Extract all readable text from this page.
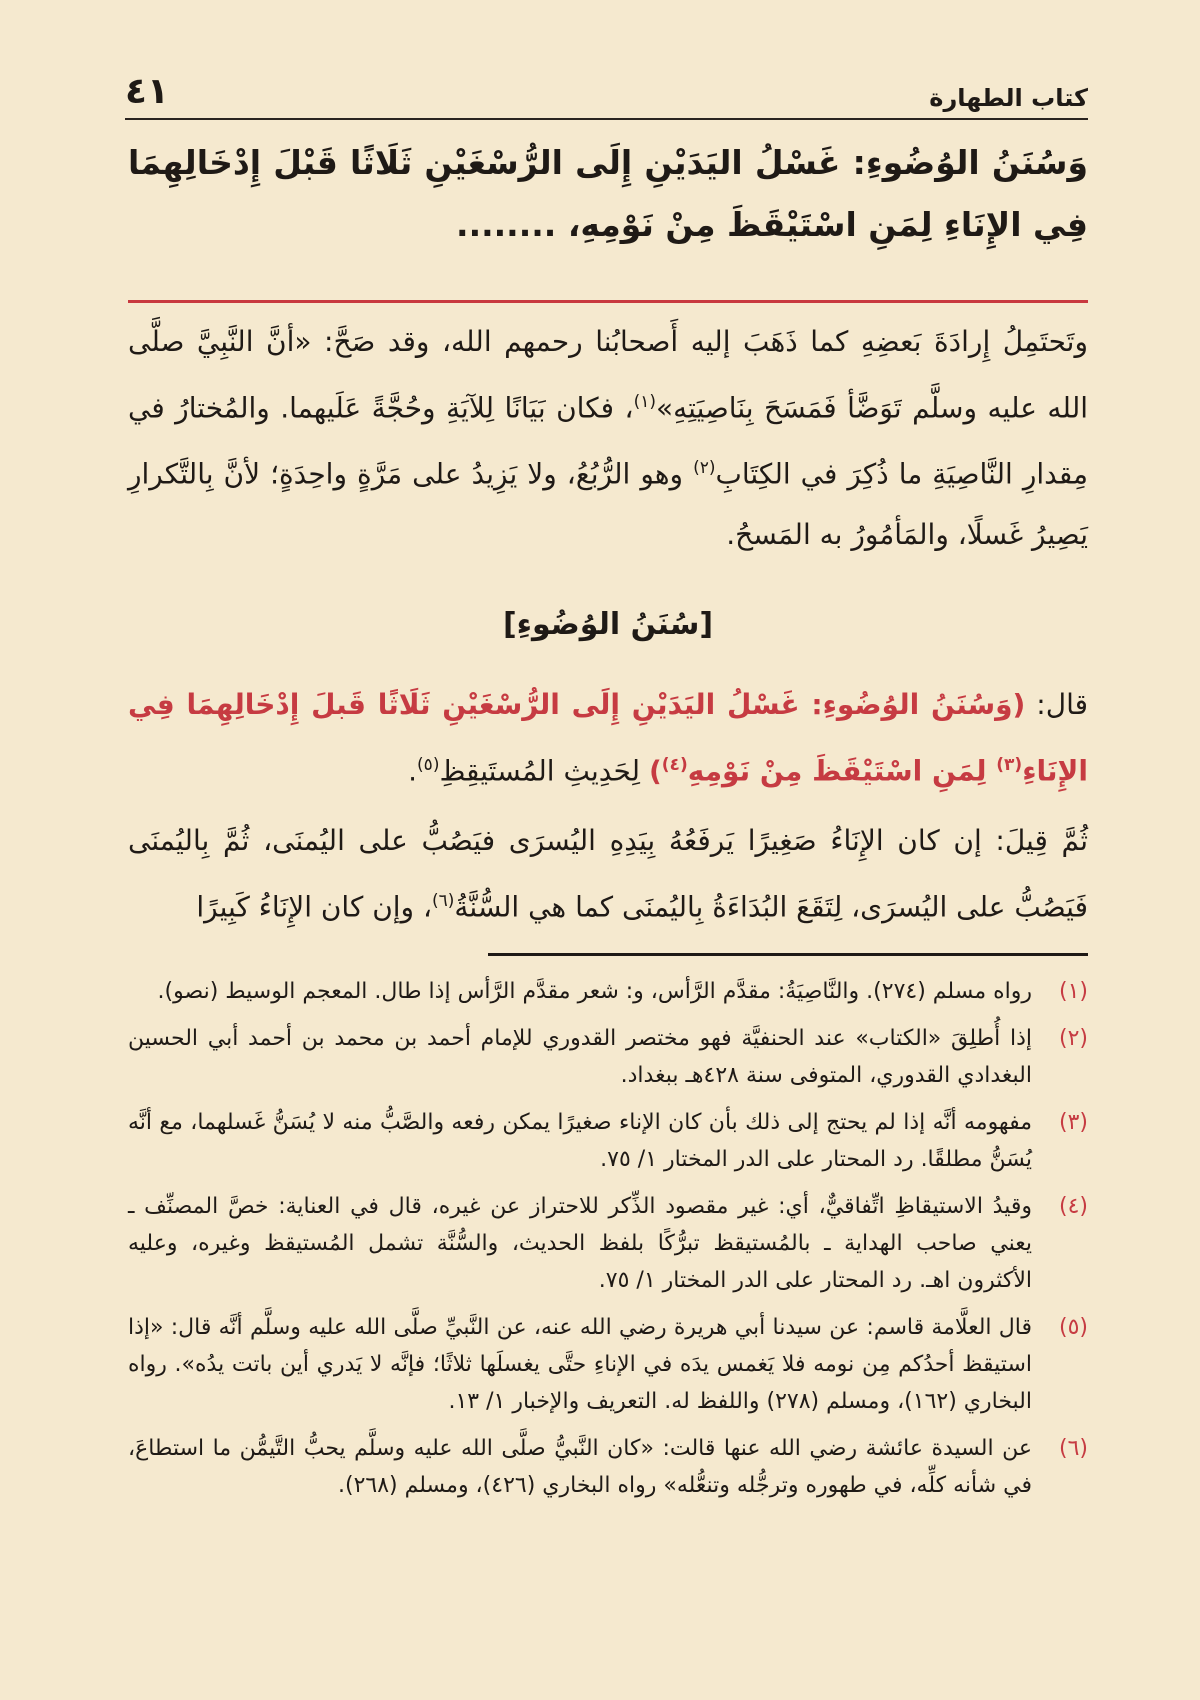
كتاب الطهارة
٤١
وَسُنَنُ الوُضُوءِ: غَسْلُ اليَدَيْنِ إِلَى الرُّسْغَيْنِ ثَلَاثًا قَبْلَ إِدْخَالِهِمَا فِي الإِنَاءِ لِمَنِ اسْتَيْقَظَ مِنْ نَوْمِهِ، ........

وتَحتَمِلُ إِرادَةَ بَعضِهِ كما ذَهَبَ إليه أَصحابُنا رحمهم الله، وقد صَحَّ: «أنَّ النَّبِيَّ صلَّى الله عليه وسلَّم تَوَضَّأ فَمَسَحَ بِنَاصِيَتِهِ»$^{(١)}$، فكان بَيَانًا لِلآيَةِ وحُجَّةً عَلَيهما. والمُختارُ في مِقدارِ النَّاصِيَةِ ما ذُكِرَ في الكِتَابِ$^{(٢)}$ وهو الرُّبُعُ، ولا يَزِيدُ على مَرَّةٍ واحِدَةٍ؛ لأنَّ بِالتَّكرارِ يَصِيرُ غَسلًا، والمَأمُورُ به المَسحُ.

[سُنَنُ الوُضُوءِ]

قال: (وَسُنَنُ الوُضُوءِ: غَسْلُ اليَدَيْنِ إِلَى الرُّسْغَيْنِ ثَلَاثًا قَبلَ إِدْخَالِهِمَا فِي الإِنَاءِ$^{(٣)}$ لِمَنِ اسْتَيْقَظَ مِنْ نَوْمِهِ$^{(٤)}$) لِحَدِيثِ المُستَيقِظِ$^{(٥)}$.

ثُمَّ قِيلَ: إن كان الإِنَاءُ صَغِيرًا يَرفَعُهُ بِيَدِهِ اليُسرَى فيَصُبُّ على اليُمنَى، ثُمَّ بِاليُمنَى فَيَصُبُّ على اليُسرَى، لِتَقَعَ البُدَاءَةُ بِاليُمنَى كما هي السُّنَّةُ$^{(٦)}$، وإن كان الإِنَاءُ كَبِيرًا

(١)
رواه مسلم (٢٧٤). والنَّاصِيَةُ: مقدَّم الرَّأس، و: شعر مقدَّم الرَّأس إذا طال. المعجم الوسيط (نصو).
(٢)
إذا أُطلِقَ «الكتاب» عند الحنفيَّة فهو مختصر القدوري للإمام أحمد بن محمد بن أحمد أبي الحسين البغدادي القدوري، المتوفى سنة ٤٢٨هـ ببغداد.
(٣)
مفهومه أنَّه إذا لم يحتج إلى ذلك بأن كان الإناء صغيرًا يمكن رفعه والصَّبُّ منه لا يُسَنُّ غَسلهما، مع أنَّه يُسَنُّ مطلقًا. رد المحتار على الدر المختار ١/ ٧٥.
(٤)
وقيدُ الاستيقاظِ اتِّفاقيٌّ، أي: غير مقصود الذِّكر للاحتراز عن غيره، قال في العناية: خصَّ المصنِّف ـ يعني صاحب الهداية ـ بالمُستيقظ تبرُّكًا بلفظ الحديث، والسُّنَّة تشمل المُستيقظ وغيره، وعليه الأكثرون اهـ. رد المحتار على الدر المختار ١/ ٧٥.
(٥)
قال العلَّامة قاسم: عن سيدنا أبي هريرة رضي الله عنه، عن النَّبيِّ صلَّى الله عليه وسلَّم أنَّه قال: «إذا استيقظ أحدُكم مِن نومه فلا يَغمس يدَه في الإناءِ حتَّى يغسلَها ثلاثًا؛ فإنَّه لا يَدري أين باتت يدُه». رواه البخاري (١٦٢)، ومسلم (٢٧٨) واللفظ له. التعريف والإخبار ١/ ١٣.
(٦)
عن السيدة عائشة رضي الله عنها قالت: «كان النَّبيُّ صلَّى الله عليه وسلَّم يحبُّ التَّيمُّن ما استطاعَ، في شأنه كلِّه، في طهوره وترجُّله وتنعُّله» رواه البخاري (٤٢٦)، ومسلم (٢٦٨).
